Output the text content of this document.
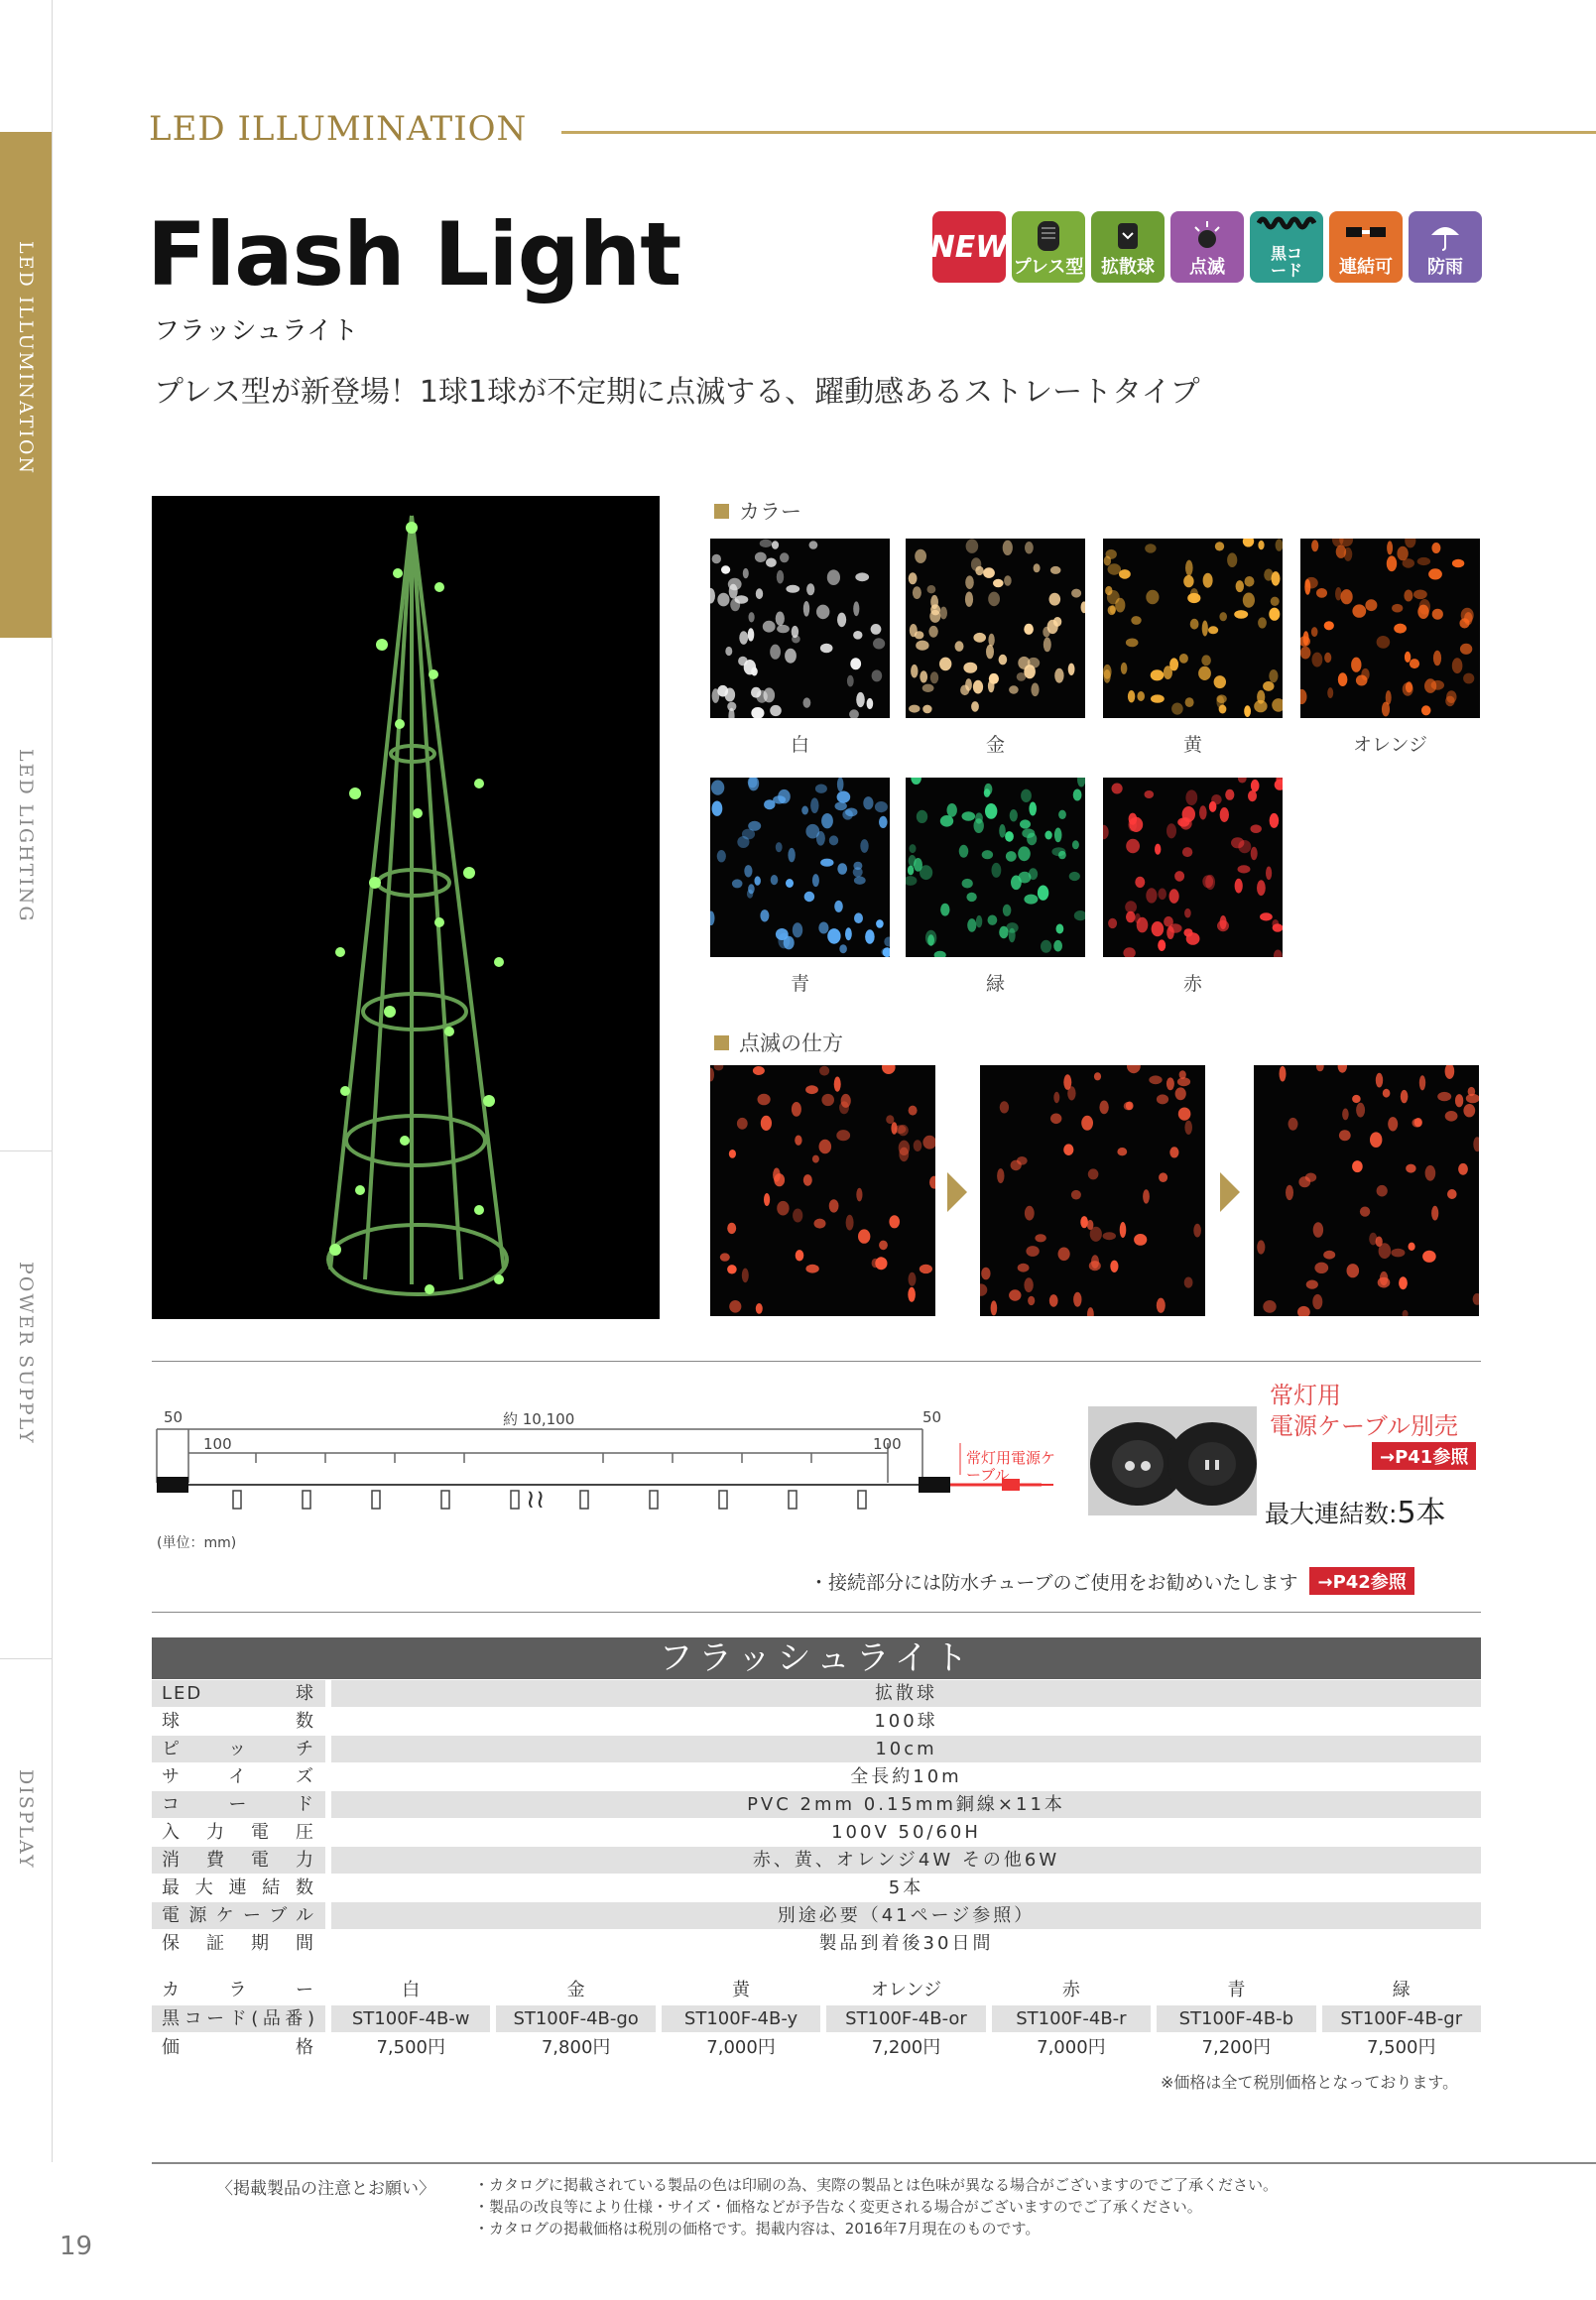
LED ILLUMINATION
LED LIGHTING
POWER SUPPLY
DISPLAY
LED ILLUMINATION
Flash Light
フラッシュライト
プレス型が新登場！1球1球が不定期に点滅する、躍動感あるストレートタイプ
NEW
プレス型 拡散球 点滅
黒コード 連結可 防雨
カラー
白	金	黄	オレンジ
青	緑	赤
点滅の仕方
≀≀
50	約 10,100	50
100	100
常灯用電源ケーブル
(単位：mm)
常灯用
電源ケーブル別売
→P41参照
最大連結数:5本
・接続部分には防水チューブのご使用をお勧めいたします	→P42参照
フラッシュライト
LED球	拡散球
球数	100球
ピッチ	10cm
サイズ	全長約10m
コード	PVC 2mm 0.15mm銅線×11本
入力電圧	100V 50/60H
消費電力	赤、黄、オレンジ4W その他6W
最大連結数	5本
電源ケーブル	別途必要（41ページ参照）
保証期間	製品到着後30日間
カラー	白	金	黄	オレンジ	赤	青	緑
黒コード(品番)	ST100F-4B-w	ST100F-4B-go	ST100F-4B-y	ST100F-4B-or	ST100F-4B-r	ST100F-4B-b	ST100F-4B-gr
価格	7,500円	7,800円	7,000円	7,200円	7,000円	7,200円	7,500円
※価格は全て税別価格となっております。
〈掲載製品の注意とお願い〉	・カタログに掲載されている製品の色は印刷の為、実際の製品とは色味が異なる場合がございますのでご了承ください。
・製品の改良等により仕様・サイズ・価格などが予告なく変更される場合がございますのでご了承ください。
・カタログの掲載価格は税別の価格です。掲載内容は、2016年7月現在のものです。
19
